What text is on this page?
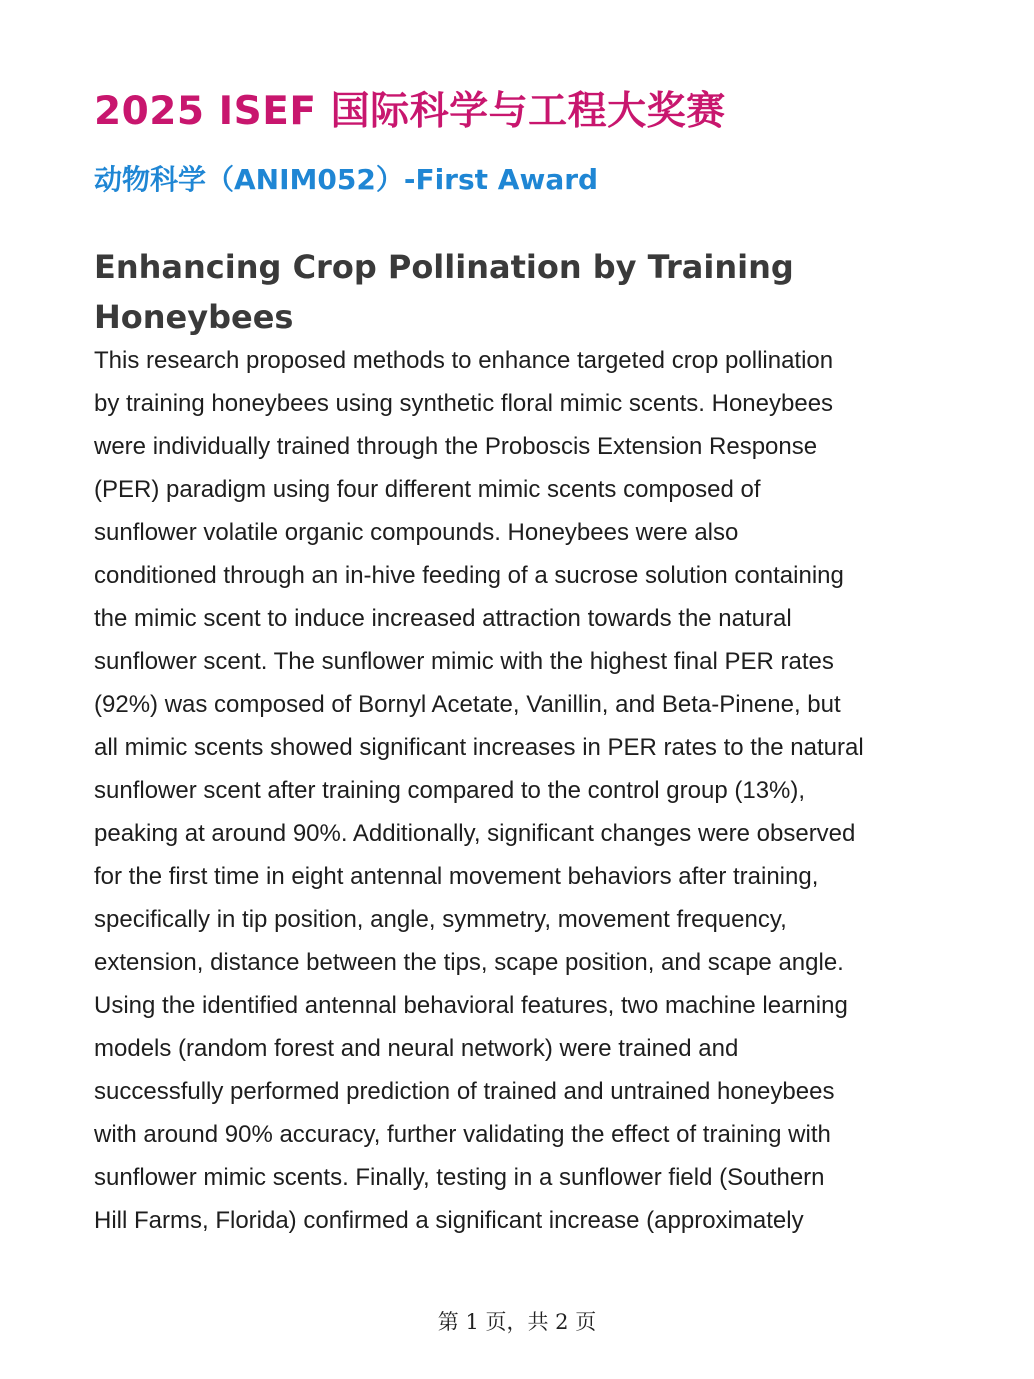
2025 ISEF 国际科学与工程大奖赛
动物科学（ANIM052）-First Award
Enhancing Crop Pollination by Training Honeybees

This research proposed methods to enhance targeted crop pollination
by training honeybees using synthetic floral mimic scents. Honeybees
were individually trained through the Proboscis Extension Response
(PER) paradigm using four different mimic scents composed of
sunflower volatile organic compounds. Honeybees were also
conditioned through an in-hive feeding of a sucrose solution containing
the mimic scent to induce increased attraction towards the natural
sunflower scent. The sunflower mimic with the highest final PER rates
(92%) was composed of Bornyl Acetate, Vanillin, and Beta-Pinene, but
all mimic scents showed significant increases in PER rates to the natural
sunflower scent after training compared to the control group (13%),
peaking at around 90%. Additionally, significant changes were observed
for the first time in eight antennal movement behaviors after training,
specifically in tip position, angle, symmetry, movement frequency,
extension, distance between the tips, scape position, and scape angle.
Using the identified antennal behavioral features, two machine learning
models (random forest and neural network) were trained and
successfully performed prediction of trained and untrained honeybees
with around 90% accuracy, further validating the effect of training with
sunflower mimic scents. Finally, testing in a sunflower field (Southern
Hill Farms, Florida) confirmed a significant increase (approximately

第 1 页，共 2 页
